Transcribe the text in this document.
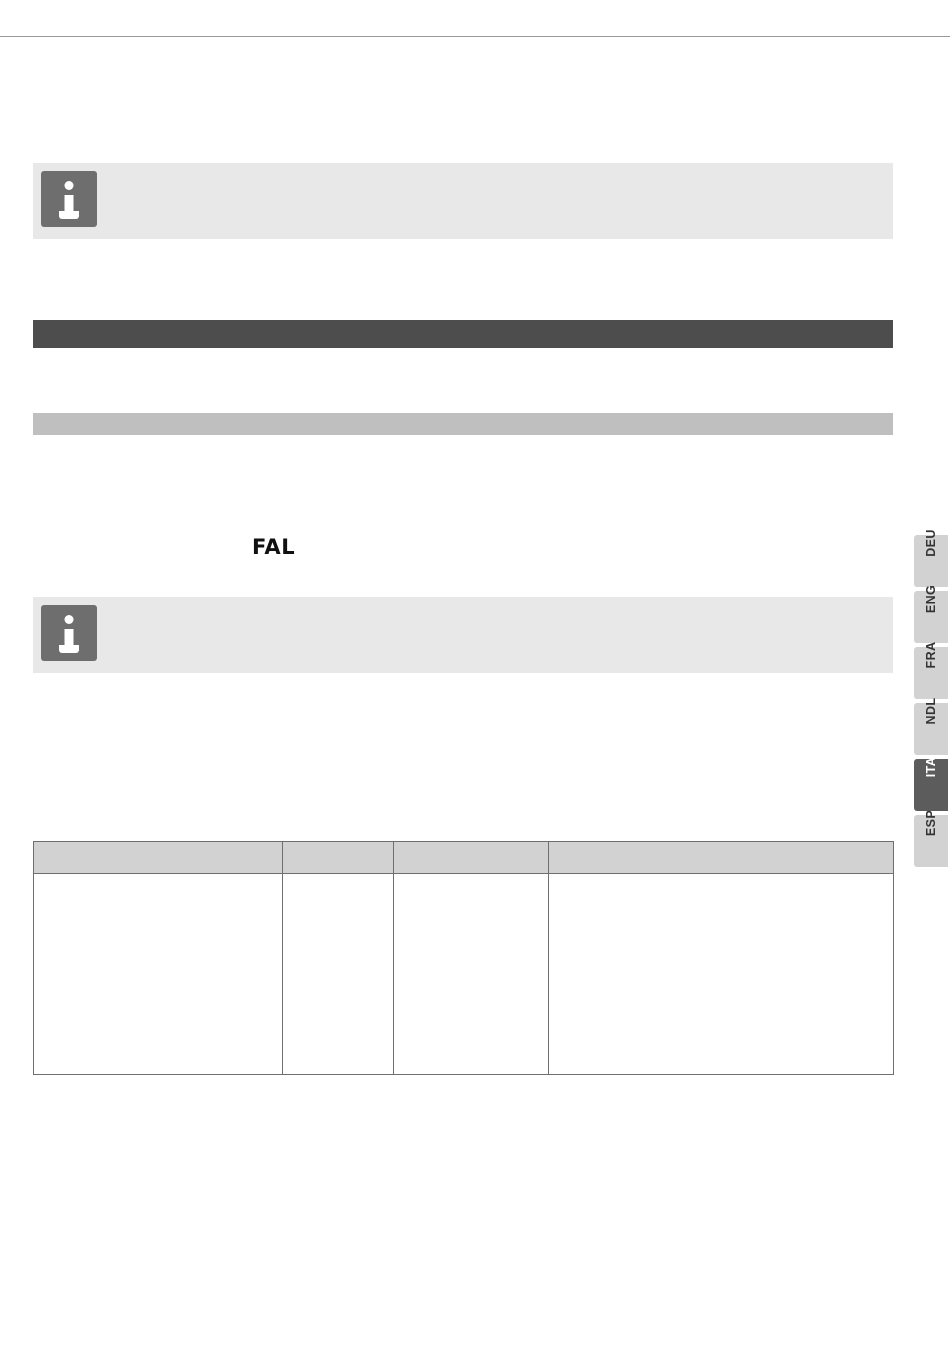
FAL

				DEU
ENG
FRA
NDL
ITA
ESP
